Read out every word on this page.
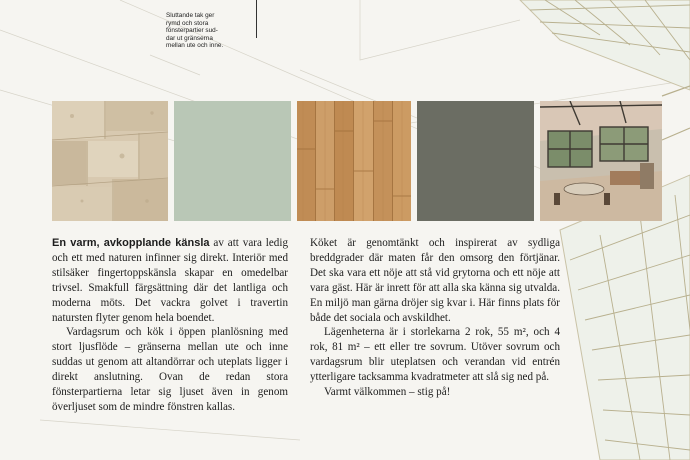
Sluttande tak ger
rymd och stora
fönsterpartier sud-
dar ut gränserna
mellan ute och inne.

En varm, avkopplande känsla av att vara ledig och ett med naturen infinner sig direkt. Interiör med stilsäker fingertoppskänsla skapar en omedelbar trivsel. Smakfull färgsättning där det lantliga och moderna möts. Det vackra golvet i travertin natursten flyter genom hela boendet.

Vardagsrum och kök i öppen planlösning med stort ljusflöde – gränserna mellan ute och inne suddas ut genom att altandörrar och uteplats ligger i direkt anslutning. Ovan de redan stora fönsterpartierna letar sig ljuset även in genom överljuset som de mindre fönstren kallas.

Köket är genomtänkt och inspirerat av sydliga breddgrader där maten får den omsorg den förtjänar. Det ska vara ett nöje att stå vid grytorna och ett nöje att vara gäst. Här är inrett för att alla ska känna sig utvalda. En miljö man gärna dröjer sig kvar i. Här finns plats för både det sociala och avskildhet.

Lägenheterna är i storlekarna 2 rok, 55 m², och 4 rok, 81 m² – ett eller tre sovrum. Utöver sovrum och vardagsrum blir uteplatsen och verandan vid entrén ytterligare tacksamma kvadratmeter att slå sig ned på.

Varmt välkommen – stig på!
